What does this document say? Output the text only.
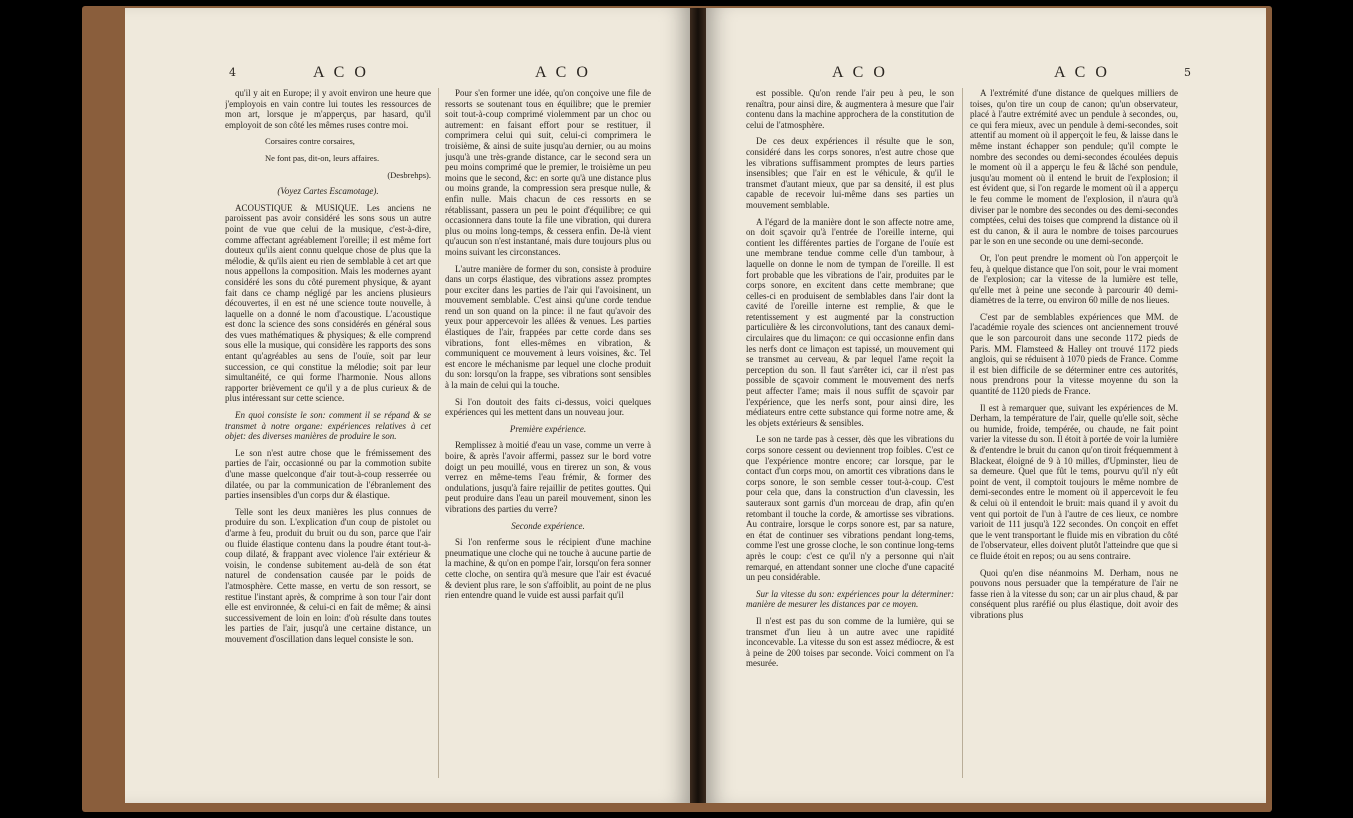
4	A C O	A C O

qu'il y ait en Europe; il y avoit environ une heure que j'employois en vain contre lui toutes les ressources de mon art, lorsque je m'apperçus, par hasard, qu'il employoit de son côté les mêmes ruses contre moi.

Corsaires contre corsaires,

Ne font pas, dit-on, leurs affaires.

(Desbrehps).

(Voyez Cartes Escamotage).

ACOUSTIQUE & MUSIQUE. Les anciens ne paroissent pas avoir considéré les sons sous un autre point de vue que celui de la musique, c'est-à-dire, comme affectant agréablement l'oreille; il est même fort douteux qu'ils aient connu quelque chose de plus que la mélodie, & qu'ils aient eu rien de semblable à cet art que nous appellons la composition. Mais les modernes ayant considéré les sons du côté purement physique, & ayant fait dans ce champ négligé par les anciens plusieurs découvertes, il en est né une science toute nouvelle, à laquelle on a donné le nom d'acoustique. L'acoustique est donc la science des sons considérés en général sous des vues mathématiques & physiques; & elle comprend sous elle la musique, qui considère les rapports des sons entant qu'agréables au sens de l'ouïe, soit par leur succession, ce qui constitue la mélodie; soit par leur simultanéité, ce qui forme l'harmonie. Nous allons rapporter brièvement ce qu'il y a de plus curieux & de plus intéressant sur cette science.

En quoi consiste le son: comment il se répand & se transmet à notre organe: expériences relatives à cet objet: des diverses manières de produire le son.

Le son n'est autre chose que le frémissement des parties de l'air, occasionné ou par la commotion subite d'une masse quelconque d'air tout-à-coup resserrée ou dilatée, ou par la communication de l'ébranlement des parties insensibles d'un corps dur & élastique.

Telle sont les deux manières les plus connues de produire du son. L'explication d'un coup de pistolet ou d'arme à feu, produit du bruit ou du son, parce que l'air ou fluide élastique contenu dans la poudre étant tout-à-coup dilaté, & frappant avec violence l'air extérieur & voisin, le condense subitement au-delà de son état naturel de condensation causée par le poids de l'atmosphère. Cette masse, en vertu de son ressort, se restitue l'instant après, & comprime à son tour l'air dont elle est environnée, & celui-ci en fait de même; & ainsi successivement de loin en loin: d'où résulte dans toutes les parties de l'air, jusqu'à une certaine distance, un mouvement d'oscillation dans lequel consiste le son.

Pour s'en former une idée, qu'on conçoive une file de ressorts se soutenant tous en équilibre; que le premier soit tout-à-coup comprimé violemment par un choc ou autrement: en faisant effort pour se restituer, il comprimera celui qui suit, celui-ci comprimera le troisième, & ainsi de suite jusqu'au dernier, ou au moins jusqu'à une très-grande distance, car le second sera un peu moins comprimé que le premier, le troisième un peu moins que le second, &c: en sorte qu'à une distance plus ou moins grande, la compression sera presque nulle, & enfin nulle. Mais chacun de ces ressorts en se rétablissant, passera un peu le point d'équilibre; ce qui occasionnera dans toute la file une vibration, qui durera plus ou moins long-temps, & cessera enfin. De-là vient qu'aucun son n'est instantané, mais dure toujours plus ou moins suivant les circonstances.

L'autre manière de former du son, consiste à produire dans un corps élastique, des vibrations assez promptes pour exciter dans les parties de l'air qui l'avoisinent, un mouvement semblable. C'est ainsi qu'une corde tendue rend un son quand on la pince: il ne faut qu'avoir des yeux pour appercevoir les allées & venues. Les parties élastiques de l'air, frappées par cette corde dans ses vibrations, font elles-mêmes en vibration, & communiquent ce mouvement à leurs voisines, &c. Tel est encore le méchanisme par lequel une cloche produit du son: lorsqu'on la frappe, ses vibrations sont sensibles à la main de celui qui la touche.

Si l'on doutoit des faits ci-dessus, voici quelques expériences qui les mettent dans un nouveau jour.

Première expérience.

Remplissez à moitié d'eau un vase, comme un verre à boire, & après l'avoir affermi, passez sur le bord votre doigt un peu mouillé, vous en tirerez un son, & vous verrez en même-tems l'eau frémir, & former des ondulations, jusqu'à faire rejaillir de petites gouttes. Qui peut produire dans l'eau un pareil mouvement, sinon les vibrations des parties du verre?

Seconde expérience.

Si l'on renferme sous le récipient d'une machine pneumatique une cloche qui ne touche à aucune partie de la machine, & qu'on en pompe l'air, lorsqu'on fera sonner cette cloche, on sentira qu'à mesure que l'air est évacué & devient plus rare, le son s'affoiblit, au point de ne plus rien entendre quand le vuide est aussi parfait qu'il

A C O	A C O	5

est possible. Qu'on rende l'air peu à peu, le son renaîtra, pour ainsi dire, & augmentera à mesure que l'air contenu dans la machine approchera de la constitution de celui de l'atmosphère.

De ces deux expériences il résulte que le son, considéré dans les corps sonores, n'est autre chose que les vibrations suffisamment promptes de leurs parties insensibles; que l'air en est le véhicule, & qu'il le transmet d'autant mieux, que par sa densité, il est plus capable de recevoir lui-même dans ses parties un mouvement semblable.

A l'égard de la manière dont le son affecte notre ame, on doit sçavoir qu'à l'entrée de l'oreille interne, qui contient les différentes parties de l'organe de l'ouïe est une membrane tendue comme celle d'un tambour, à laquelle on donne le nom de tympan de l'oreille. Il est fort probable que les vibrations de l'air, produites par le corps sonore, en excitent dans cette membrane; que celles-ci en produisent de semblables dans l'air dont la cavité de l'oreille interne est remplie, & que le retentissement y est augmenté par la construction particulière & les circonvolutions, tant des canaux demi-circulaires que du limaçon: ce qui occasionne enfin dans les nerfs dont ce limaçon est tapissé, un mouvement qui se transmet au cerveau, & par lequel l'ame reçoit la perception du son. Il faut s'arrêter ici, car il n'est pas possible de sçavoir comment le mouvement des nerfs peut affecter l'ame; mais il nous suffit de sçavoir par l'expérience, que les nerfs sont, pour ainsi dire, les médiateurs entre cette substance qui forme notre ame, & les objets extérieurs & sensibles.

Le son ne tarde pas à cesser, dès que les vibrations du corps sonore cessent ou deviennent trop foibles. C'est ce que l'expérience montre encore; car lorsque, par le contact d'un corps mou, on amortit ces vibrations dans le corps sonore, le son semble cesser tout-à-coup. C'est pour cela que, dans la construction d'un clavessin, les sauteraux sont garnis d'un morceau de drap, afin qu'en retombant il touche la corde, & amortisse ses vibrations. Au contraire, lorsque le corps sonore est, par sa nature, en état de continuer ses vibrations pendant long-tems, comme l'est une grosse cloche, le son continue long-tems après le coup: c'est ce qu'il n'y a personne qui n'ait remarqué, en attendant sonner une cloche d'une capacité un peu considérable.

Sur la vitesse du son: expériences pour la déterminer: manière de mesurer les distances par ce moyen.

Il n'est est pas du son comme de la lumière, qui se transmet d'un lieu à un autre avec une rapidité inconcevable. La vitesse du son est assez médiocre, & est à peine de 200 toises par seconde. Voici comment on l'a mesurée.

A l'extrémité d'une distance de quelques milliers de toises, qu'on tire un coup de canon; qu'un observateur, placé à l'autre extrémité avec un pendule à secondes, ou, ce qui fera mieux, avec un pendule à demi-secondes, soit attentif au moment où il apperçoit le feu, & laisse dans le même instant échapper son pendule; qu'il compte le nombre des secondes ou demi-secondes écoulées depuis le moment où il a apperçu le feu & lâché son pendule, jusqu'au moment où il entend le bruit de l'explosion; il est évident que, si l'on regarde le moment où il a apperçu le feu comme le moment de l'explosion, il n'aura qu'à diviser par le nombre des secondes ou des demi-secondes comptées, celui des toises que comprend la distance où il est du canon, & il aura le nombre de toises parcourues par le son en une seconde ou une demi-seconde.

Or, l'on peut prendre le moment où l'on apperçoit le feu, à quelque distance que l'on soit, pour le vrai moment de l'explosion; car la vitesse de la lumière est telle, qu'elle met à peine une seconde à parcourir 40 demi-diamètres de la terre, ou environ 60 mille de nos lieues.

C'est par de semblables expériences que MM. de l'académie royale des sciences ont anciennement trouvé que le son parcouroit dans une seconde 1172 pieds de Paris. MM. Flamsteed & Halley ont trouvé 1172 pieds anglois, qui se réduisent à 1070 pieds de France. Comme il est bien difficile de se déterminer entre ces autorités, nous prendrons pour la vitesse moyenne du son la quantité de 1120 pieds de France.

Il est à remarquer que, suivant les expériences de M. Derham, la température de l'air, quelle qu'elle soit, sèche ou humide, froide, tempérée, ou chaude, ne fait point varier la vitesse du son. Il étoit à portée de voir la lumière & d'entendre le bruit du canon qu'on tiroit fréquemment à Blackeat, éloigné de 9 à 10 milles, d'Upminster, lieu de sa demeure. Quel que fût le tems, pourvu qu'il n'y eût point de vent, il comptoit toujours le même nombre de demi-secondes entre le moment où il appercevoit le feu & celui où il entendoit le bruit: mais quand il y avoit du vent qui portoit de l'un à l'autre de ces lieux, ce nombre varioit de 111 jusqu'à 122 secondes. On conçoit en effet que le vent transportant le fluide mis en vibration du côté de l'observateur, elles doivent plutôt l'atteindre que que si ce fluide étoit en repos; ou au sens contraire.

Quoi qu'en dise néanmoins M. Derham, nous ne pouvons nous persuader que la température de l'air ne fasse rien à la vitesse du son; car un air plus chaud, & par conséquent plus raréfié ou plus élastique, doit avoir des vibrations plus
